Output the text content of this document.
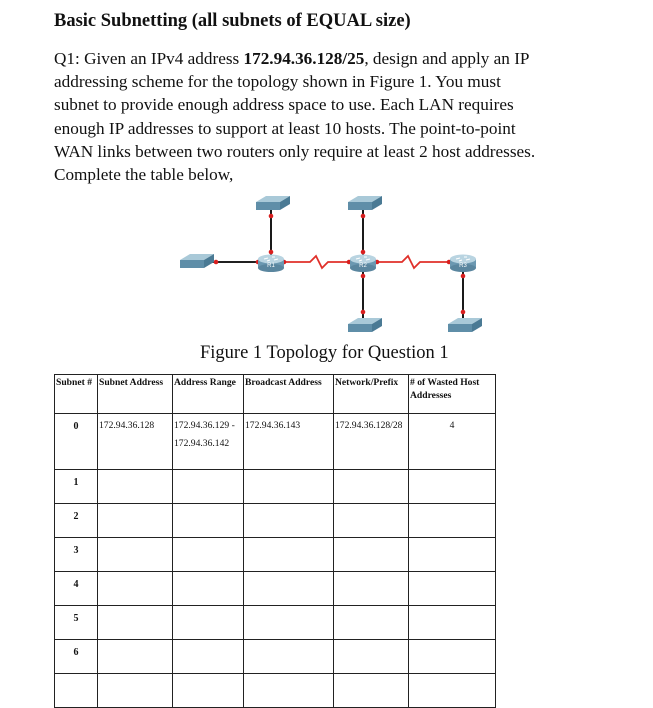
Basic Subnetting (all subnets of EQUAL size)
Q1: Given an IPv4 address 172.94.36.128/25, design and apply an IP
addressing scheme for the topology shown in Figure 1. You must
subnet to provide enough address space to use. Each LAN requires
enough IP addresses to support at least 10 hosts. The point-to-point
WAN links between two routers only require at least 2 host addresses.
Complete the table below,
R1	R2	R3
Figure 1 Topology for Question 1
Subnet #	Subnet Address	Address Range	Broadcast Address	Network/Prefix	# of Wasted Host Addresses
0	172.94.36.128	172.94.36.129 -
172.94.36.142	172.94.36.143	172.94.36.128/28	4

1					
2					
3					
4					
5					
6					
